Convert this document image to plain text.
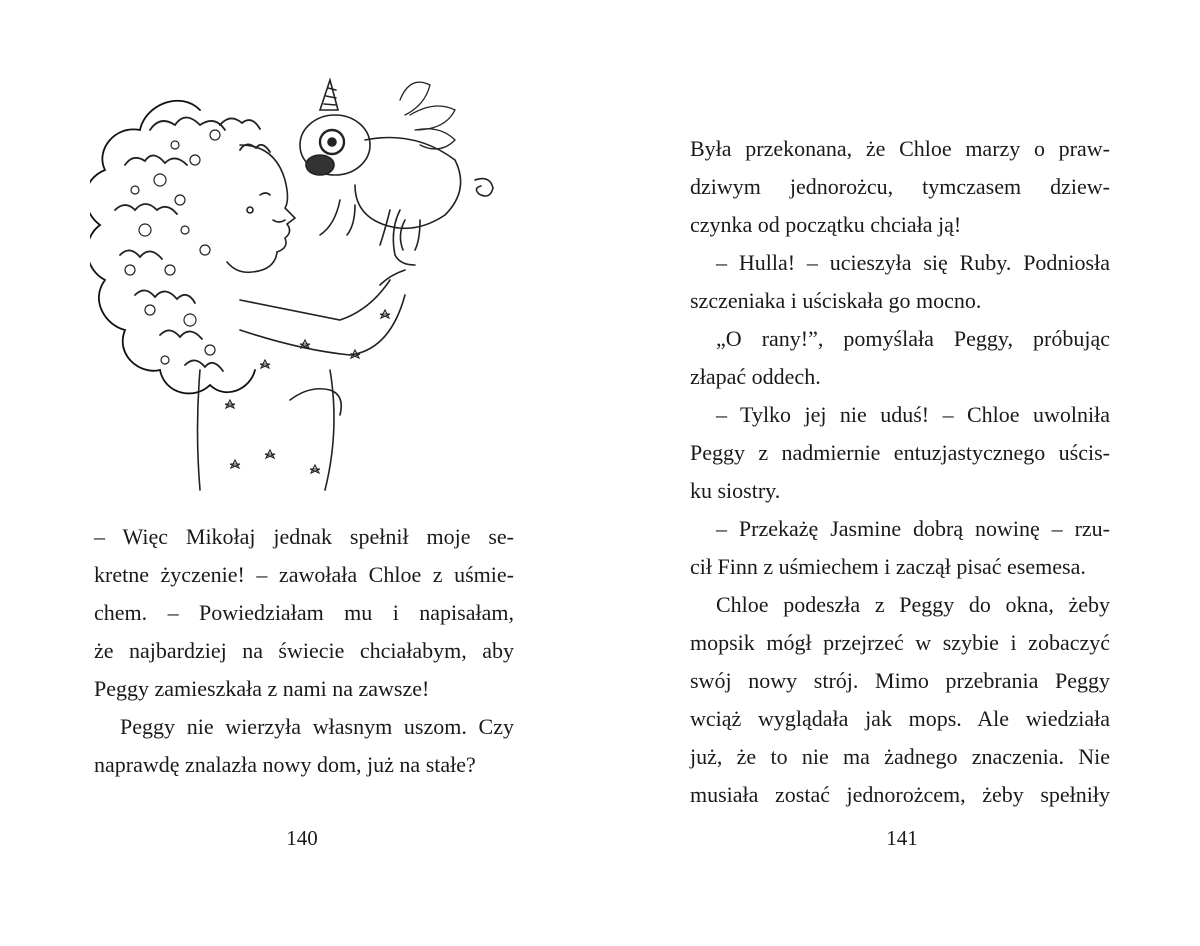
– Więc Mikołaj jednak spełnił moje se-
kretne życzenie! – zawołała Chloe z uśmie-
chem. – Powiedziałam mu i napisałam,
że najbardziej na świecie chciałabym, aby
Peggy zamieszkała z nami na zawsze!

Peggy nie wierzyła własnym uszom. Czy
naprawdę znalazła nowy dom, już na stałe?

140

Była przekonana, że Chloe marzy o praw-
dziwym jednorożcu, tymczasem dziew-
czynka od początku chciała ją!

– Hulla! – ucieszyła się Ruby. Podniosła
szczeniaka i uściskała go mocno.

„O rany!”, pomyślała Peggy, próbując
złapać oddech.

– Tylko jej nie uduś! – Chloe uwolniła
Peggy z nadmiernie entuzjastycznego uścis-
ku siostry.

– Przekażę Jasmine dobrą nowinę – rzu-
cił Finn z uśmiechem i zaczął pisać esemesa.

Chloe podeszła z Peggy do okna, żeby
mopsik mógł przejrzeć w szybie i zobaczyć
swój nowy strój. Mimo przebrania Peggy
wciąż wyglądała jak mops. Ale wiedziała
już, że to nie ma żadnego znaczenia. Nie
musiała zostać jednorożcem, żeby spełniły

141
